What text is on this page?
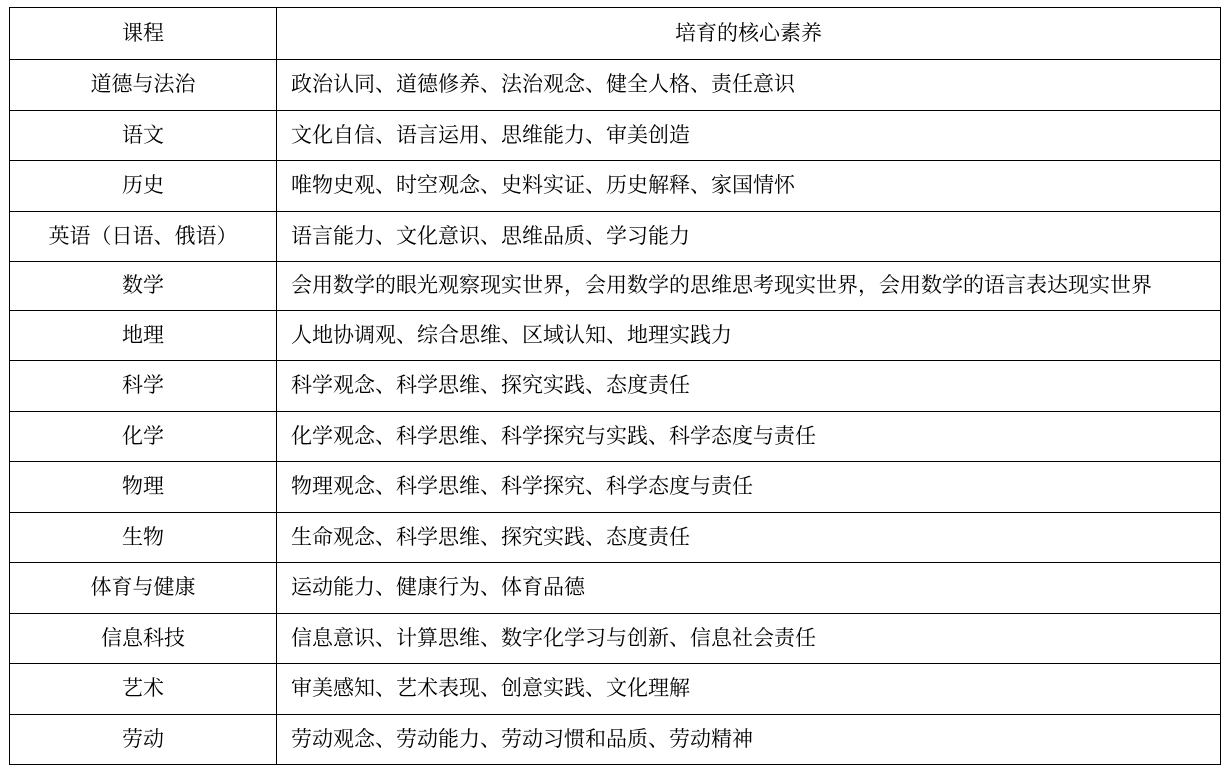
课程	培育的核心素养
道德与法治	政治认同、道德修养、法治观念、健全人格、责任意识
语文	文化自信、语言运用、思维能力、审美创造
历史	唯物史观、时空观念、史料实证、历史解释、家国情怀
英语（日语、俄语）	语言能力、文化意识、思维品质、学习能力
数学	会用数学的眼光观察现实世界，会用数学的思维思考现实世界，会用数学的语言表达现实世界
地理	人地协调观、综合思维、区域认知、地理实践力
科学	科学观念、科学思维、探究实践、态度责任
化学	化学观念、科学思维、科学探究与实践、科学态度与责任
物理	物理观念、科学思维、科学探究、科学态度与责任
生物	生命观念、科学思维、探究实践、态度责任
体育与健康	运动能力、健康行为、体育品德
信息科技	信息意识、计算思维、数字化学习与创新、信息社会责任
艺术	审美感知、艺术表现、创意实践、文化理解
劳动	劳动观念、劳动能力、劳动习惯和品质、劳动精神
